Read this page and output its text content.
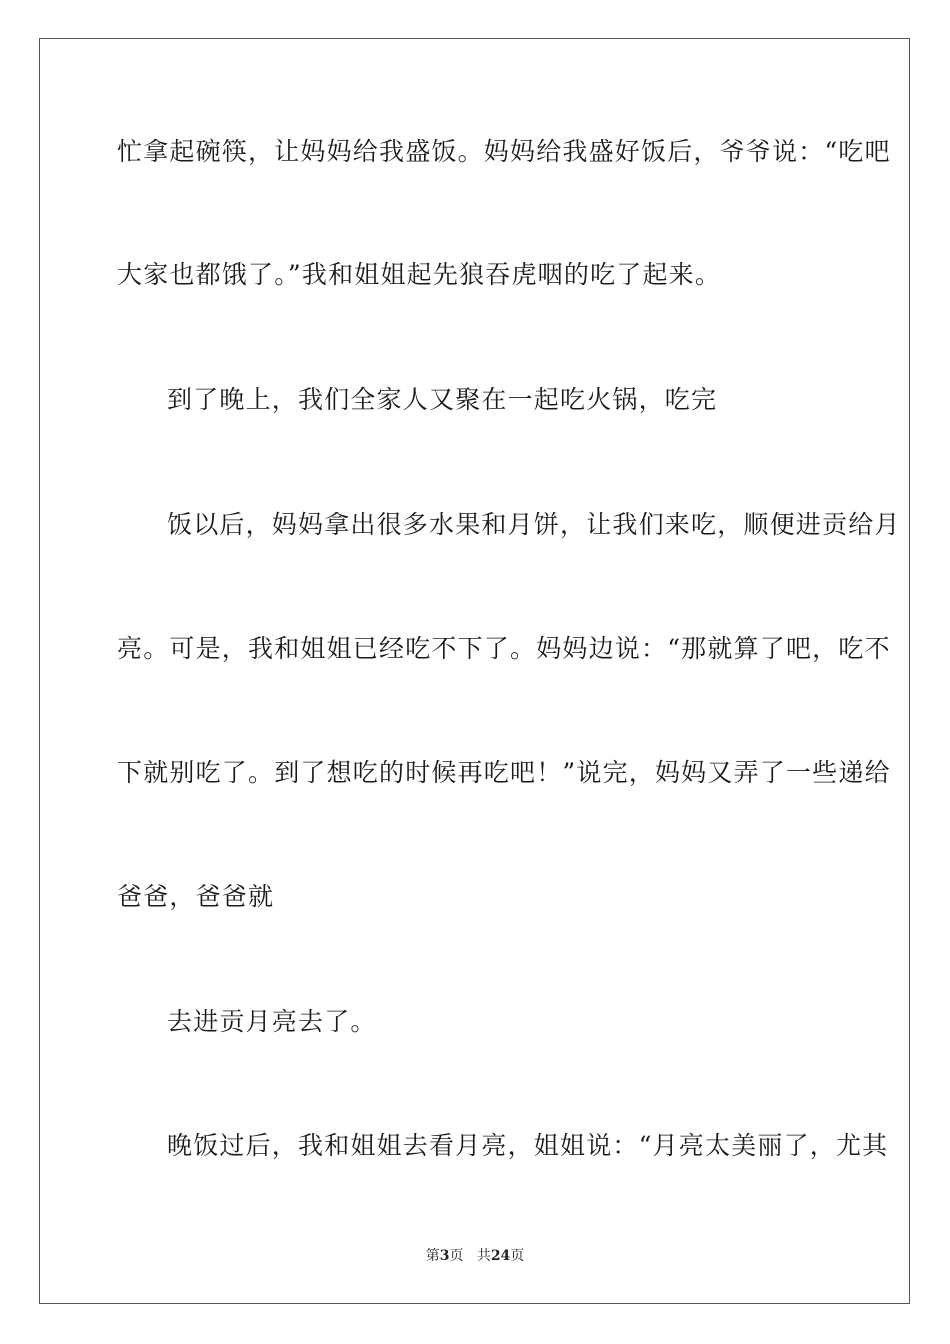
忙拿起碗筷，让妈妈给我盛饭。妈妈给我盛好饭后，爷爷说：“吃吧
大家也都饿了。”我和姐姐起先狼吞虎咽的吃了起来。
到了晚上，我们全家人又聚在一起吃火锅，吃完
饭以后，妈妈拿出很多水果和月饼，让我们来吃，顺便进贡给月
亮。可是，我和姐姐已经吃不下了。妈妈边说：“那就算了吧，吃不
下就别吃了。到了想吃的时候再吃吧！”说完，妈妈又弄了一些递给
爸爸，爸爸就
去进贡月亮去了。
晚饭过后，我和姐姐去看月亮，姐姐说：“月亮太美丽了，尤其
第3页 共24页
